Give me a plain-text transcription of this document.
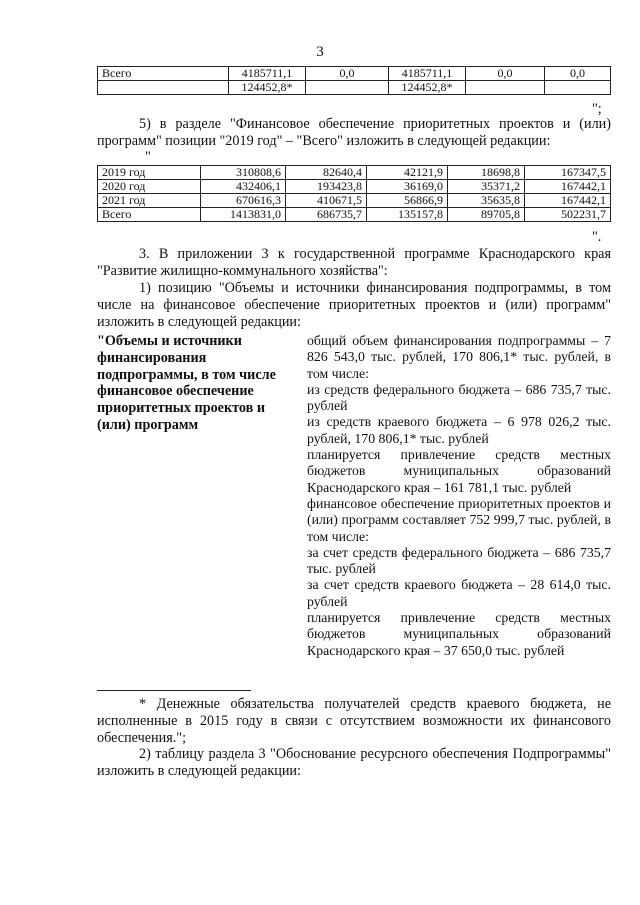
3
Всего	4185711,1	0,0	4185711,1	0,0	0,0
	124452,8*		124452,8*		
";
5) в разделе "Финансовое обеспечение приоритетных проектов и (или) программ" позиции "2019 год" – "Всего" изложить в следующей редакции:
"
2019 год	310808,6	82640,4	42121,9	18698,8	167347,5
2020 год	432406,1	193423,8	36169,0	35371,2	167442,1
2021 год	670616,3	410671,5	56866,9	35635,8	167442,1
Всего	1413831,0	686735,7	135157,8	89705,8	502231,7
".
3. В приложении 3 к государственной программе Краснодарского края "Развитие жилищно-коммунального хозяйства":
1) позицию "Объемы и источники финансирования подпрограммы, в том числе на финансовое обеспечение приоритетных проектов и (или) программ" изложить в следующей редакции:
"Объемы и источники финансирования подпрограммы, в том числе финансовое обеспечение приоритетных проектов и (или) программ

общий объем финансирования подпрограммы – 7 826 543,0 тыс. рублей, 170 806,1* тыс. рублей, в том числе:

из средств федерального бюджета – 686 735,7 тыс. рублей

из средств краевого бюджета – 6 978 026,2 тыс. рублей, 170 806,1* тыс. рублей

планируется привлечение средств местных бюджетов муниципальных образований Краснодарского края – 161 781,1 тыс. рублей

финансовое обеспечение приоритетных проектов и (или) программ составляет 752 999,7 тыс. рублей, в том числе:

за счет средств федерального бюджета – 686 735,7 тыс. рублей

за счет средств краевого бюджета – 28 614,0 тыс. рублей

планируется привлечение средств местных бюджетов муниципальных образований Краснодарского края – 37 650,0 тыс. рублей

* Денежные обязательства получателей средств краевого бюджета, не исполненные в 2015 году в связи с отсутствием возможности их финансового обеспечения.";
2) таблицу раздела 3 "Обоснование ресурсного обеспечения Подпрограммы" изложить в следующей редакции:
